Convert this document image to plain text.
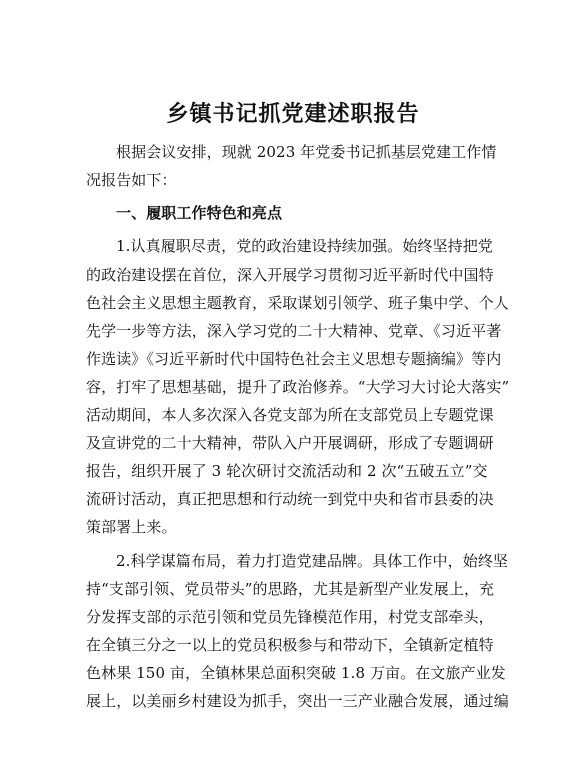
乡镇书记抓党建述职报告
根据会议安排，现就 2023 年党委书记抓基层党建工作情
况报告如下：
一、履职工作特色和亮点
1.认真履职尽责，党的政治建设持续加强。始终坚持把党
的政治建设摆在首位，深入开展学习贯彻习近平新时代中国特
色社会主义思想主题教育，采取谋划引领学、班子集中学、个人
先学一步等方法，深入学习党的二十大精神、党章、《习近平著
作选读》《习近平新时代中国特色社会主义思想专题摘编》等内
容，打牢了思想基础，提升了政治修养。“大学习大讨论大落实”
活动期间，本人多次深入各党支部为所在支部党员上专题党课
及宣讲党的二十大精神，带队入户开展调研，形成了专题调研
报告，组织开展了 3 轮次研讨交流活动和 2 次“五破五立”交
流研讨活动，真正把思想和行动统一到党中央和省市县委的决
策部署上来。
2.科学谋篇布局，着力打造党建品牌。具体工作中，始终坚
持“支部引领、党员带头”的思路，尤其是新型产业发展上，充
分发挥支部的示范引领和党员先锋模范作用，村党支部牵头，
在全镇三分之一以上的党员积极参与和带动下，全镇新定植特
色林果 150 亩，全镇林果总面积突破 1.8 万亩。在文旅产业发
展上，以美丽乡村建设为抓手，突出一三产业融合发展，通过编
